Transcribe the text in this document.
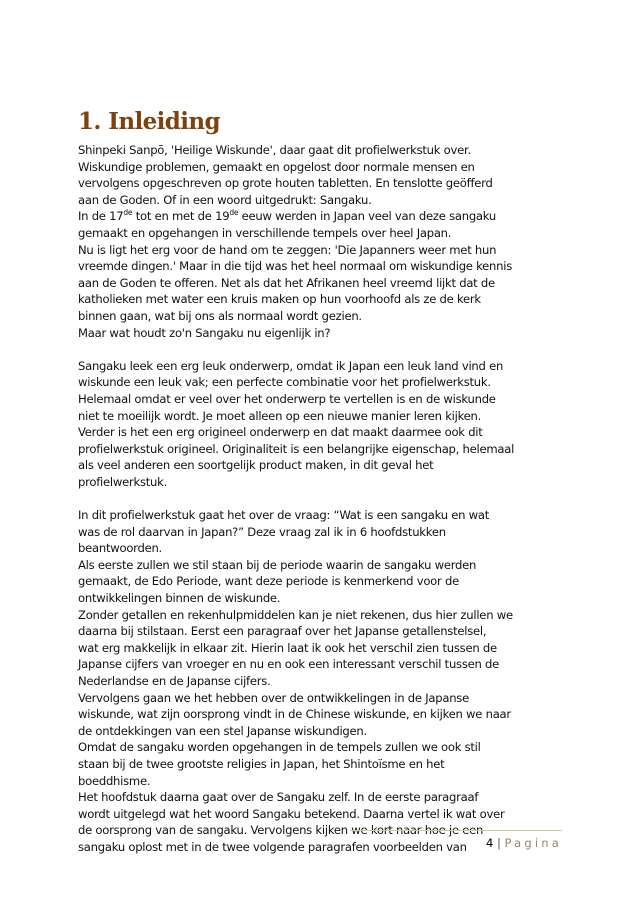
1. Inleiding

Shinpeki Sanpō, 'Heilige Wiskunde', daar gaat dit profielwerkstuk over.
Wiskundige problemen, gemaakt en opgelost door normale mensen en
vervolgens opgeschreven op grote houten tabletten. En tenslotte geöfferd
aan de Goden. Of in een woord uitgedrukt: Sangaku.

In de 17de tot en met de 19de eeuw werden in Japan veel van deze sangaku
gemaakt en opgehangen in verschillende tempels over heel Japan.

Nu is ligt het erg voor de hand om te zeggen: 'Die Japanners weer met hun
vreemde dingen.' Maar in die tijd was het heel normaal om wiskundige kennis
aan de Goden te offeren. Net als dat het Afrikanen heel vreemd lijkt dat de
katholieken met water een kruis maken op hun voorhoofd als ze de kerk
binnen gaan, wat bij ons als normaal wordt gezien.

Maar wat houdt zo'n Sangaku nu eigenlijk in?

Sangaku leek een erg leuk onderwerp, omdat ik Japan een leuk land vind en
wiskunde een leuk vak; een perfecte combinatie voor het profielwerkstuk.
Helemaal omdat er veel over het onderwerp te vertellen is en de wiskunde
niet te moeilijk wordt. Je moet alleen op een nieuwe manier leren kijken.
Verder is het een erg origineel onderwerp en dat maakt daarmee ook dit
profielwerkstuk origineel. Originaliteit is een belangrijke eigenschap, helemaal
als veel anderen een soortgelijk product maken, in dit geval het
profielwerkstuk.

In dit profielwerkstuk gaat het over de vraag: “Wat is een sangaku en wat
was de rol daarvan in Japan?” Deze vraag zal ik in 6 hoofdstukken
beantwoorden.

Als eerste zullen we stil staan bij de periode waarin de sangaku werden
gemaakt, de Edo Periode, want deze periode is kenmerkend voor de
ontwikkelingen binnen de wiskunde.

Zonder getallen en rekenhulpmiddelen kan je niet rekenen, dus hier zullen we
daarna bij stilstaan. Eerst een paragraaf over het Japanse getallenstelsel,
wat erg makkelijk in elkaar zit. Hierin laat ik ook het verschil zien tussen de
Japanse cijfers van vroeger en nu en ook een interessant verschil tussen de
Nederlandse en de Japanse cijfers.

Vervolgens gaan we het hebben over de ontwikkelingen in de Japanse
wiskunde, wat zijn oorsprong vindt in de Chinese wiskunde, en kijken we naar
de ontdekkingen van een stel Japanse wiskundigen.

Omdat de sangaku worden opgehangen in de tempels zullen we ook stil
staan bij de twee grootste religies in Japan, het Shintoïsme en het
boeddhisme.

Het hoofdstuk daarna gaat over de Sangaku zelf. In de eerste paragraaf
wordt uitgelegd wat het woord Sangaku betekend. Daarna vertel ik wat over
de oorsprong van de sangaku. Vervolgens kijken we kort naar hoe je een
sangaku oplost met in de twee volgende paragrafen voorbeelden van	4 | Pagina
